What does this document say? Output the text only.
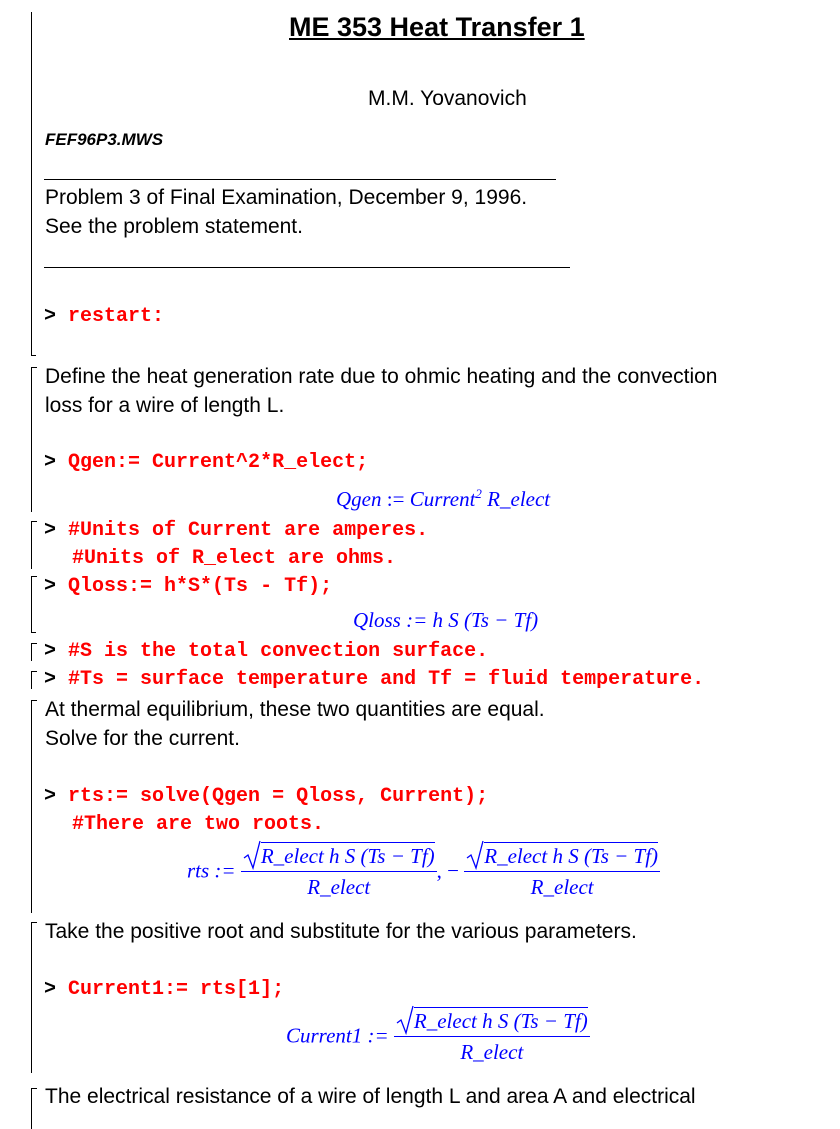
ME 353 Heat Transfer 1
M.M. Yovanovich
FEF96P3.MWS
Problem 3 of Final Examination, December 9, 1996.
See the problem statement.
> restart:
Define the heat generation rate due to ohmic heating and the convection
loss for a wire of length L.
> Qgen:= Current^2*R_elect;
Qgen := Current$^2$ R_elect
> #Units of Current are amperes.
#Units of R_elect are ohms.
> Qloss:= h*S*(Ts - Tf);
Qloss := h S (Ts − Tf)
> #S is the total convection surface.
> #Ts = surface temperature and Tf = fluid temperature.
At thermal equilibrium, these two quantities are equal.
Solve for the current.
> rts:= solve(Qgen = Qloss, Current);
#There are two roots.
rts := $\frac{\text{R\_elect h S (Ts − Tf)}}{\text{R\_elect}}$ , − $\frac{\text{R\_elect h S (Ts − Tf)}}{\text{R\_elect}}$
Take the positive root and substitute for the various parameters.
> Current1:= rts[1];
Current1 := $\frac{\text{R\_elect h S (Ts − Tf)}}{\text{R\_elect}}$
The electrical resistance of a wire of length L and area A and electrical
